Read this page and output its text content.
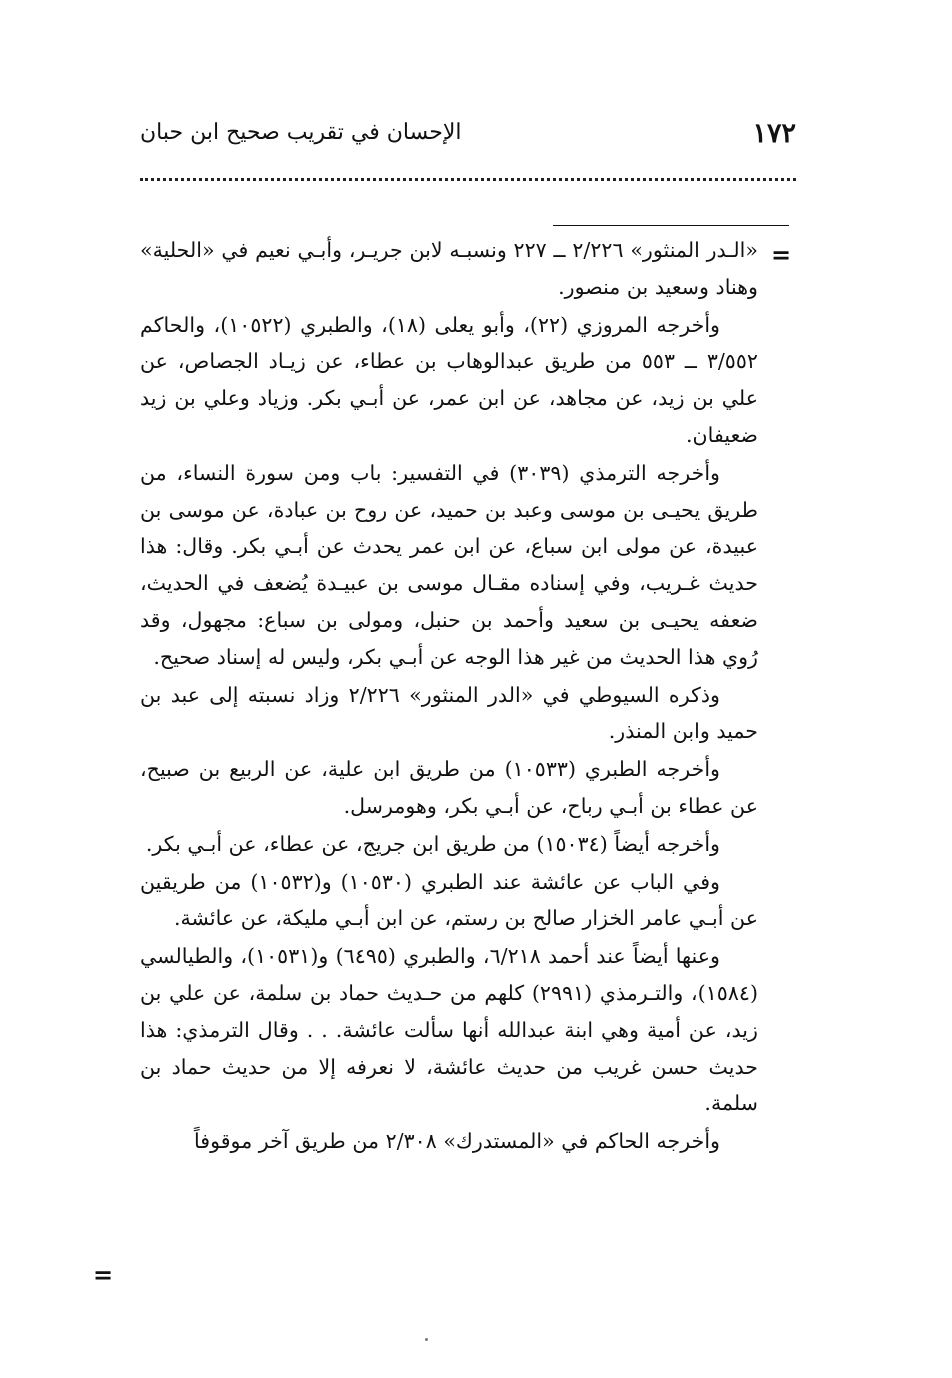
١٧٢
الإحسان في تقريب صحيح ابن حبان
=

«الـدر المنثور» ٢/٢٢٦ ــ ٢٢٧ ونسبـه لابن جريـر، وأبـي نعيم في «الحلية» وهناد وسعيد بن منصور.

وأخرجه المروزي (٢٢)، وأبو يعلى (١٨)، والطبري (١٠٥٢٢)، والحاكم ٣/٥٥٢ ــ ٥٥٣ من طريق عبدالوهاب بن عطاء، عن زيـاد الجصاص، عن علي بن زيد، عن مجاهد، عن ابن عمر، عن أبـي بكر. وزياد وعلي بن زيد ضعيفان.

وأخرجه الترمذي (٣٠٣٩) في التفسير: باب ومن سورة النساء، من طريق يحيـى بن موسى وعبد بن حميد، عن روح بن عبادة، عن موسى بن عبيدة، عن مولى ابن سباع، عن ابن عمر يحدث عن أبـي بكر. وقال: هذا حديث غـريب، وفي إسناده مقـال موسى بن عبيـدة يُضعف في الحديث، ضعفه يحيـى بن سعيد وأحمد بن حنبل، ومولى بن سباع: مجهول، وقد رُوي هذا الحديث من غير هذا الوجه عن أبـي بكر، وليس له إسناد صحيح.

وذكره السيوطي في «الدر المنثور» ٢/٢٢٦ وزاد نسبته إلى عبد بن حميد وابن المنذر.

وأخرجه الطبري (١٠٥٣٣) من طريق ابن علية، عن الربيع بن صبيح، عن عطاء بن أبـي رباح، عن أبـي بكر، وهومرسل.

وأخرجه أيضاً (١٥٠٣٤) من طريق ابن جريج، عن عطاء، عن أبـي بكر.

وفي الباب عن عائشة عند الطبري (١٠٥٣٠) و(١٠٥٣٢) من طريقين عن أبـي عامر الخزار صالح بن رستم، عن ابن أبـي مليكة، عن عائشة.

وعنها أيضاً عند أحمد ٦/٢١٨، والطبري (٦٤٩٥) و(١٠٥٣١)، والطيالسي (١٥٨٤)، والتـرمذي (٢٩٩١) كلهم من حـديث حماد بن سلمة، عن علي بن زيد، عن أمية وهي ابنة عبدالله أنها سألت عائشة. . . وقال الترمذي: هذا حديث حسن غريب من حديث عائشة، لا نعرفه إلا من حديث حماد بن سلمة.

وأخرجه الحاكم في «المستدرك» ٢/٣٠٨ من طريق آخر موقوفاً

=
